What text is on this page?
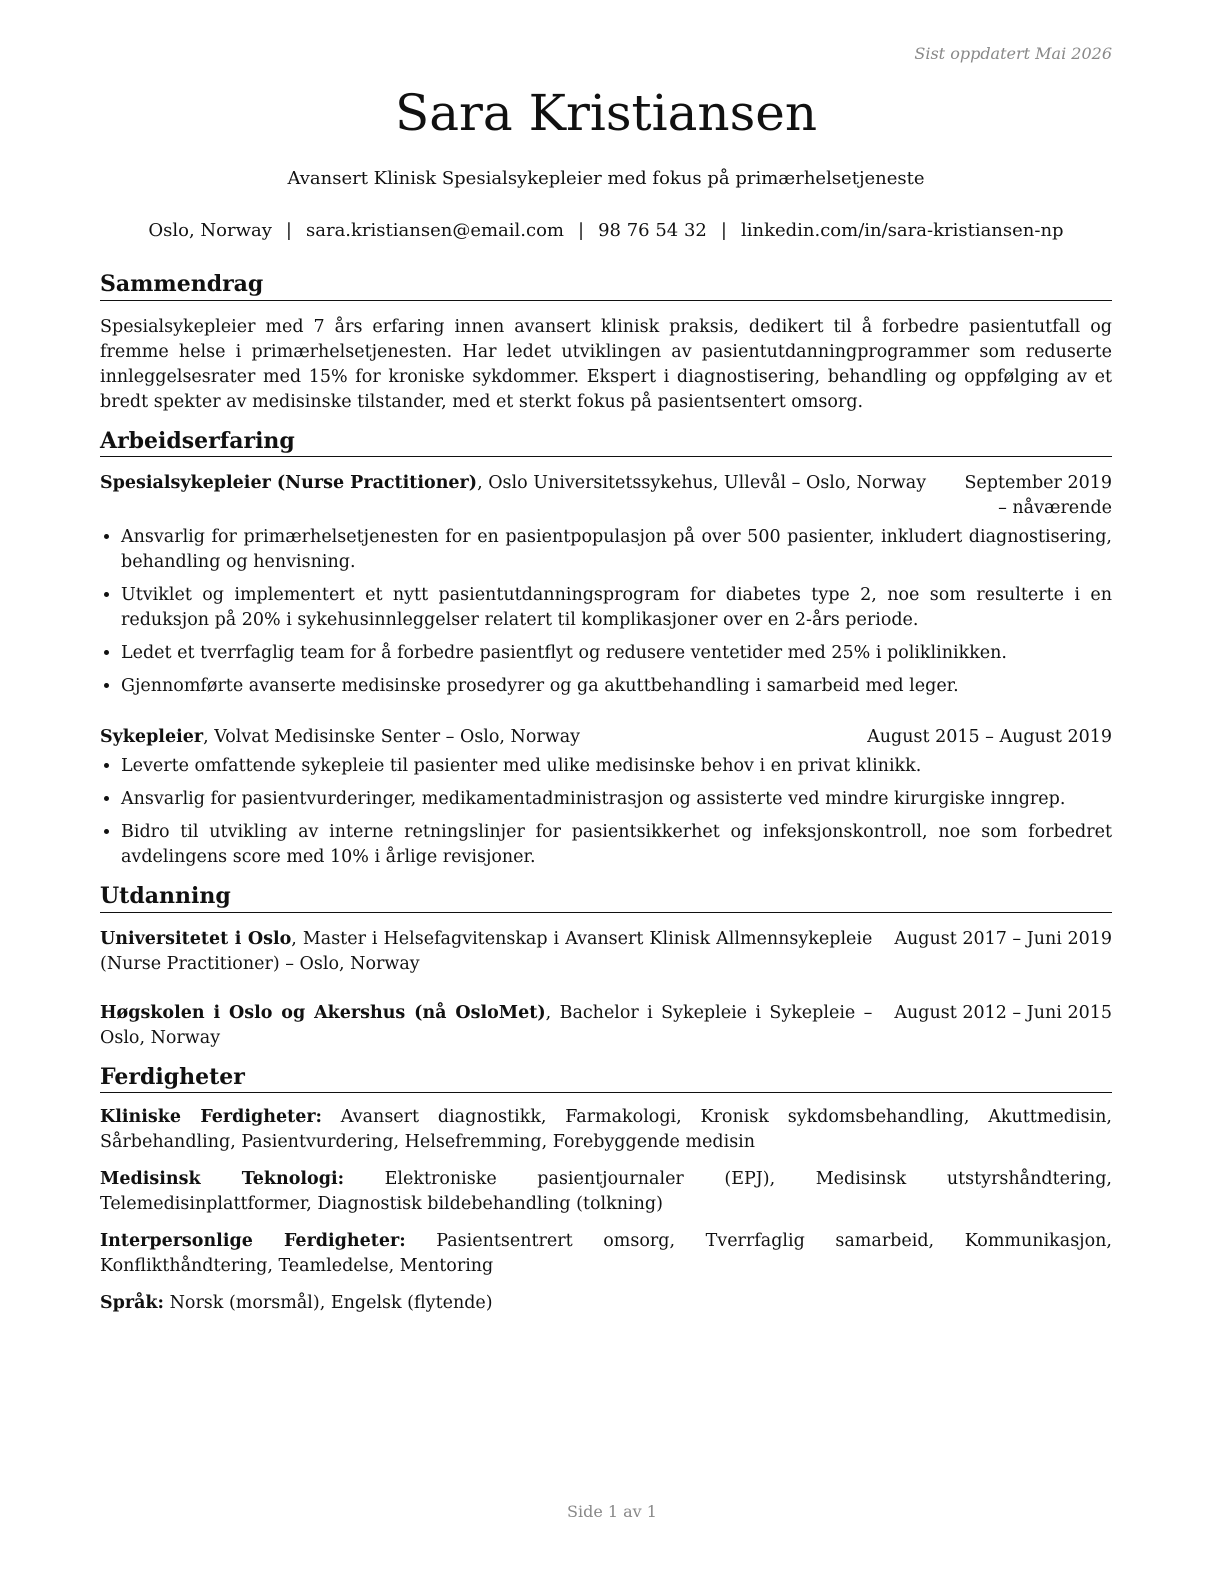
Sist oppdatert Mai 2026
Sara Kristiansen
Avansert Klinisk Spesialsykepleier med fokus på primærhelsetjeneste
Oslo, Norway | sara.kristiansen@email.com | 98 76 54 32 | linkedin.com/in/sara-kristiansen-np
Sammendrag

Spesialsykepleier med 7 års erfaring innen avansert klinisk praksis, dedikert til å forbedre pasientutfall og fremme helse i primærhelsetjenesten. Har ledet utviklingen av pasientutdanningprogrammer som reduserte innleggelsesrater med 15% for kroniske sykdommer. Ekspert i diagnostisering, behandling og oppfølging av et bredt spekter av medisinske tilstander, med et sterkt fokus på pasientsentert omsorg.

Arbeidserfaring
Spesialsykepleier (Nurse Practitioner), Oslo Universitetssykehus, Ullevål – Oslo, Norway	September 2019 – nåværende
• Ansvarlig for primærhelsetjenesten for en pasientpopulasjon på over 500 pasienter, inkludert diagnostisering, behandling og henvisning.
• Utviklet og implementert et nytt pasientutdanningsprogram for diabetes type 2, noe som resulterte i en reduksjon på 20% i sykehusinnleggelser relatert til komplikasjoner over en 2-års periode.
• Ledet et tverrfaglig team for å forbedre pasientflyt og redusere ventetider med 25% i poliklinikken.
• Gjennomførte avanserte medisinske prosedyrer og ga akuttbehandling i samarbeid med leger.
Sykepleier, Volvat Medisinske Senter – Oslo, Norway	August 2015 – August 2019
• Leverte omfattende sykepleie til pasienter med ulike medisinske behov i en privat klinikk.
• Ansvarlig for pasientvurderinger, medikamentadministrasjon og assisterte ved mindre kirurgiske inngrep.
• Bidro til utvikling av interne retningslinjer for pasientsikkerhet og infeksjonskontroll, noe som forbedret avdelingens score med 10% i årlige revisjoner.
Utdanning
Universitetet i Oslo, Master i Helsefagvitenskap i Avansert Klinisk Allmennsykepleie (Nurse Practitioner) – Oslo, Norway
August 2017 – Juni 2019
Høgskolen i Oslo og Akershus (nå OsloMet), Bachelor i Sykepleie i Sykepleie – Oslo, Norway
August 2012 – Juni 2015
Ferdigheter

Kliniske Ferdigheter: Avansert diagnostikk, Farmakologi, Kronisk sykdomsbehandling, Akuttmedisin, Sårbehandling, Pasientvurdering, Helsefremming, Forebyggende medisin

Medisinsk Teknologi: Elektroniske pasientjournaler (EPJ), Medisinsk utstyrshåndtering, Telemedisinplattformer, Diagnostisk bildebehandling (tolkning)

Interpersonlige Ferdigheter: Pasientsentrert omsorg, Tverrfaglig samarbeid, Kommunikasjon, Konflikthåndtering, Teamledelse, Mentoring

Språk: Norsk (morsmål), Engelsk (flytende)

Side 1 av 1
